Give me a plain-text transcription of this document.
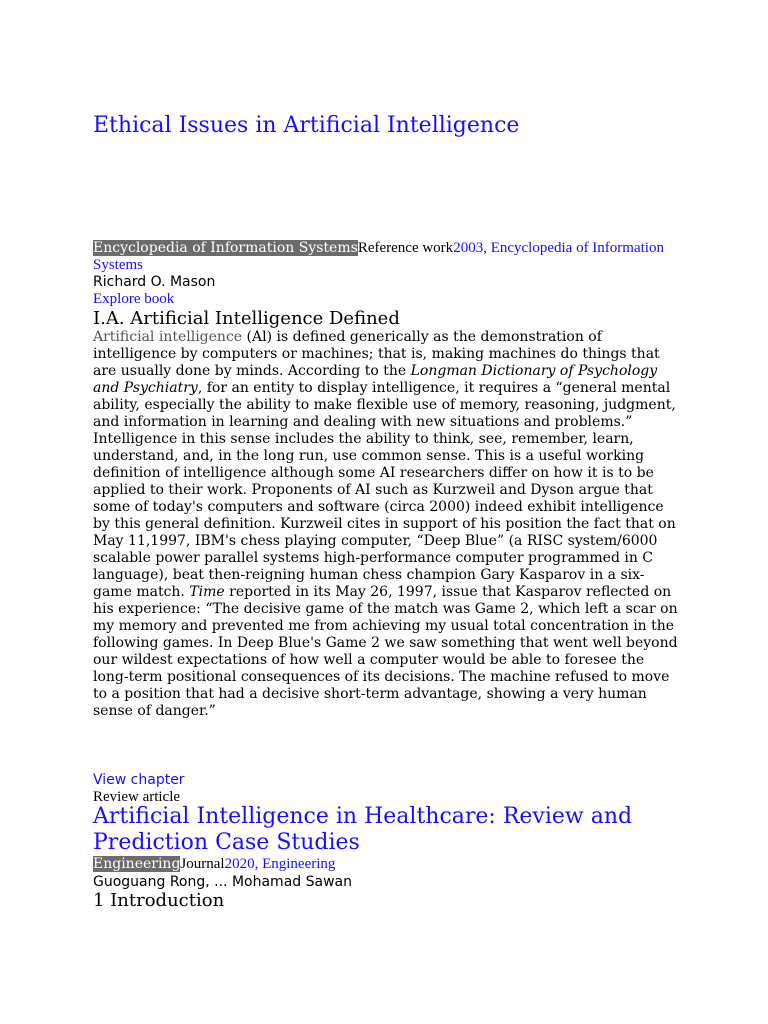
Ethical Issues in Artificial Intelligence
Encyclopedia of Information SystemsReference work2003, Encyclopedia of Information Systems
Richard O. Mason
Explore book
I.A. Artificial Intelligence Defined

Artificial intelligence (Al) is defined generically as the demonstration of intelligence by computers or machines; that is, making machines do things that are usually done by minds. According to the Longman Dictionary of Psychology and Psychiatry, for an entity to display intelligence, it requires a “general mental ability, especially the ability to make flexible use of memory, reasoning, judgment, and information in learning and dealing with new situations and problems.” Intelligence in this sense includes the ability to think, see, remember, learn, understand, and, in the long run, use common sense. This is a useful working definition of intelligence although some AI researchers differ on how it is to be applied to their work. Proponents of AI such as Kurzweil and Dyson argue that some of today's computers and software (circa 2000) indeed exhibit intelligence by this general definition. Kurzweil cites in support of his position the fact that on May 11,1997, IBM's chess playing computer, “Deep Blue” (a RISC system/6000 scalable power parallel systems high-performance computer programmed in C language), beat then-reigning human chess champion Gary Kasparov in a six-game match. Time reported in its May 26, 1997, issue that Kasparov reflected on his experience: “The decisive game of the match was Game 2, which left a scar on my memory and prevented me from achieving my usual total concentration in the following games. In Deep Blue's Game 2 we saw something that went well beyond our wildest expectations of how well a computer would be able to foresee the long-term positional consequences of its decisions. The machine refused to move to a position that had a decisive short-term advantage, showing a very human sense of danger.”

View chapter
Review article
Artificial Intelligence in Healthcare: Review and Prediction Case Studies
EngineeringJournal2020, Engineering
Guoguang Rong, ... Mohamad Sawan
1 Introduction
